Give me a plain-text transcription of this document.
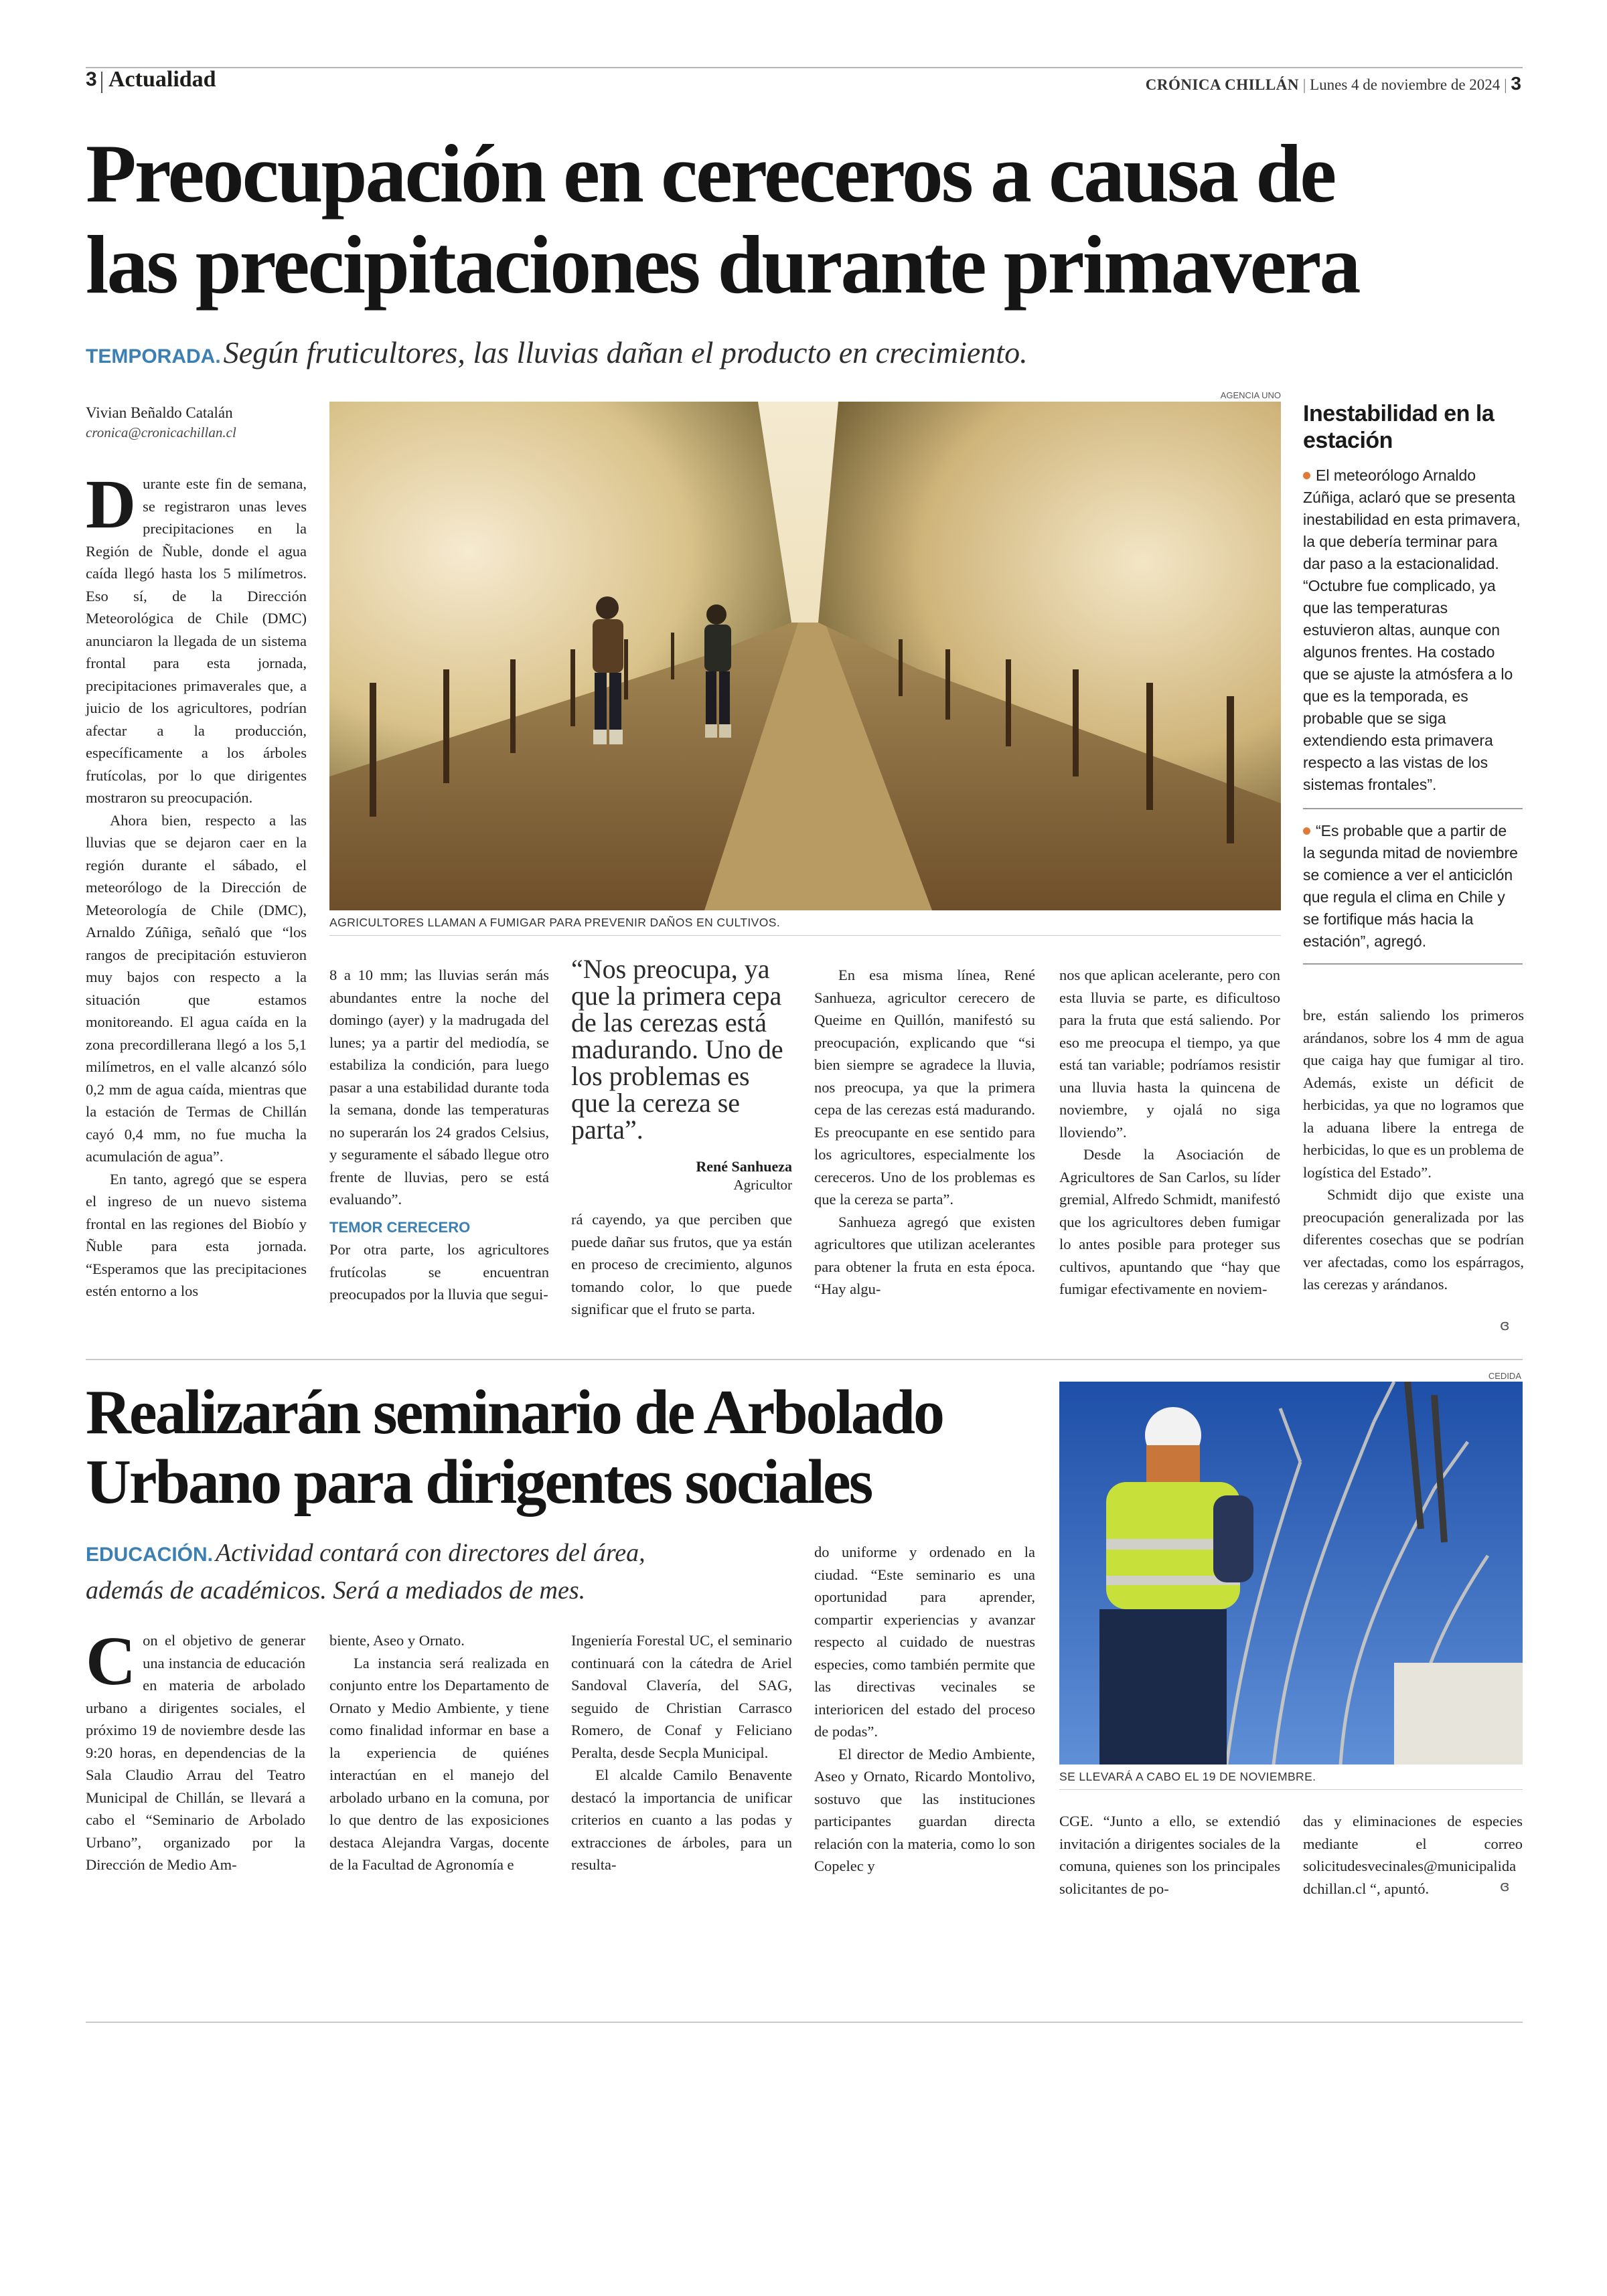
3 Actualidad	CRÓNICA CHILLÁN | Lunes 4 de noviembre de 2024 | 3
Preocupación en cereceros a causa de
las precipitaciones durante primavera
TEMPORADA. Según fruticultores, las lluvias dañan el producto en crecimiento.
Vivian Beñaldo Catalán
cronica@cronicachillan.cl
AGENCIA UNO
AGRICULTORES LLAMAN A FUMIGAR PARA PREVENIR DAÑOS EN CULTIVOS.

Durante este fin de semana, se registraron unas leves precipitaciones en la Región de Ñuble, donde el agua caída llegó hasta los 5 milímetros. Eso sí, de la Dirección Meteorológica de Chile (DMC) anunciaron la llegada de un sistema frontal para esta jornada, precipitaciones primaverales que, a juicio de los agricultores, podrían afectar a la producción, específicamente a los árboles frutícolas, por lo que dirigentes mostraron su preocupación.

Ahora bien, respecto a las lluvias que se dejaron caer en la región durante el sábado, el meteorólogo de la Dirección de Meteorología de Chile (DMC), Arnaldo Zúñiga, señaló que “los rangos de precipitación estuvieron muy bajos con respecto a la situación que estamos monitoreando. El agua caída en la zona precordillerana llegó a los 5,1 milímetros, en el valle alcanzó sólo 0,2 mm de agua caída, mientras que la estación de Termas de Chillán cayó 0,4 mm, no fue mucha la acumulación de agua”.

En tanto, agregó que se espera el ingreso de un nuevo sistema frontal en las regiones del Biobío y Ñuble para esta jornada. “Esperamos que las precipitaciones estén entorno a los

8 a 10 mm; las lluvias serán más abundantes entre la noche del domingo (ayer) y la madrugada del lunes; ya a partir del mediodía, se estabiliza la condición, para luego pasar a una estabilidad durante toda la semana, donde las temperaturas no superarán los 24 grados Celsius, y seguramente el sábado llegue otro frente de lluvias, pero se está evaluando”.

TEMOR CERECERO

Por otra parte, los agricultores frutícolas se encuentran preocupados por la lluvia que segui-

“Nos preocupa, ya que la primera cepa de las cerezas está madurando. Uno de los problemas es que la cereza se parta”.
René Sanhueza
Agricultor

rá cayendo, ya que perciben que puede dañar sus frutos, que ya están en proceso de crecimiento, algunos tomando color, lo que puede significar que el fruto se parta.

En esa misma línea, René Sanhueza, agricultor cerecero de Queime en Quillón, manifestó su preocupación, explicando que “si bien siempre se agradece la lluvia, nos preocupa, ya que la primera cepa de las cerezas está madurando. Es preocupante en ese sentido para los agricultores, especialmente los cereceros. Uno de los problemas es que la cereza se parta”.

Sanhueza agregó que existen agricultores que utilizan acelerantes para obtener la fruta en esta época. “Hay algu-

nos que aplican acelerante, pero con esta lluvia se parte, es dificultoso para la fruta que está saliendo. Por eso me preocupa el tiempo, ya que está tan variable; podríamos resistir una lluvia hasta la quincena de noviembre, y ojalá no siga lloviendo”.

Desde la Asociación de Agricultores de San Carlos, su líder gremial, Alfredo Schmidt, manifestó que los agricultores deben fumigar lo antes posible para proteger sus cultivos, apuntando que “hay que fumigar efectivamente en noviem-

Inestabilidad en la estación

El meteorólogo Arnaldo Zúñiga, aclaró que se presenta inestabilidad en esta primavera, la que debería terminar para dar paso a la estacionalidad. “Octubre fue complicado, ya que las temperaturas estuvieron altas, aunque con algunos frentes. Ha costado que se ajuste la atmósfera a lo que es la temporada, es probable que se siga extendiendo esta primavera respecto a las vistas de los sistemas frontales”.

“Es probable que a partir de la segunda mitad de noviembre se comience a ver el anticiclón que regula el clima en Chile y se fortifique más hacia la estación”, agregó.

bre, están saliendo los primeros arándanos, sobre los 4 mm de agua que caiga hay que fumigar al tiro. Además, existe un déficit de herbicidas, ya que no logramos que la aduana libere la entrega de herbicidas, lo que es un problema de logística del Estado”.

Schmidt dijo que existe una preocupación generalizada por las diferentes cosechas que se podrían ver afectadas, como los espárragos, las cerezas y arándanos.

ɞ
Realizarán seminario de Arbolado
Urbano para dirigentes sociales
EDUCACIÓN. Actividad contará con directores del área,
además de académicos. Será a mediados de mes.
CEDIDA
SE LLEVARÁ A CABO EL 19 DE NOVIEMBRE.

Con el objetivo de generar una instancia de educación en materia de arbolado urbano a dirigentes sociales, el próximo 19 de noviembre desde las 9:20 horas, en dependencias de la Sala Claudio Arrau del Teatro Municipal de Chillán, se llevará a cabo el “Seminario de Arbolado Urbano”, organizado por la Dirección de Medio Am-

biente, Aseo y Ornato.

La instancia será realizada en conjunto entre los Departamento de Ornato y Medio Ambiente, y tiene como finalidad informar en base a la experiencia de quiénes interactúan en el manejo del arbolado urbano en la comuna, por lo que dentro de las exposiciones destaca Alejandra Vargas, docente de la Facultad de Agronomía e

Ingeniería Forestal UC, el seminario continuará con la cátedra de Ariel Sandoval Clavería, del SAG, seguido de Christian Carrasco Romero, de Conaf y Feliciano Peralta, desde Secpla Municipal.

El alcalde Camilo Benavente destacó la importancia de unificar criterios en cuanto a las podas y extracciones de árboles, para un resulta-

do uniforme y ordenado en la ciudad. “Este seminario es una oportunidad para aprender, compartir experiencias y avanzar respecto al cuidado de nuestras especies, como también permite que las directivas vecinales se interioricen del estado del proceso de podas”.

El director de Medio Ambiente, Aseo y Ornato, Ricardo Montolivo, sostuvo que las instituciones participantes guardan directa relación con la materia, como lo son Copelec y

CGE. “Junto a ello, se extendió invitación a dirigentes sociales de la comuna, quienes son los principales solicitantes de po-

das y eliminaciones de especies mediante el correo solicitudesvecinales@municipalidadchillan.cl “, apuntó.	ɞ
